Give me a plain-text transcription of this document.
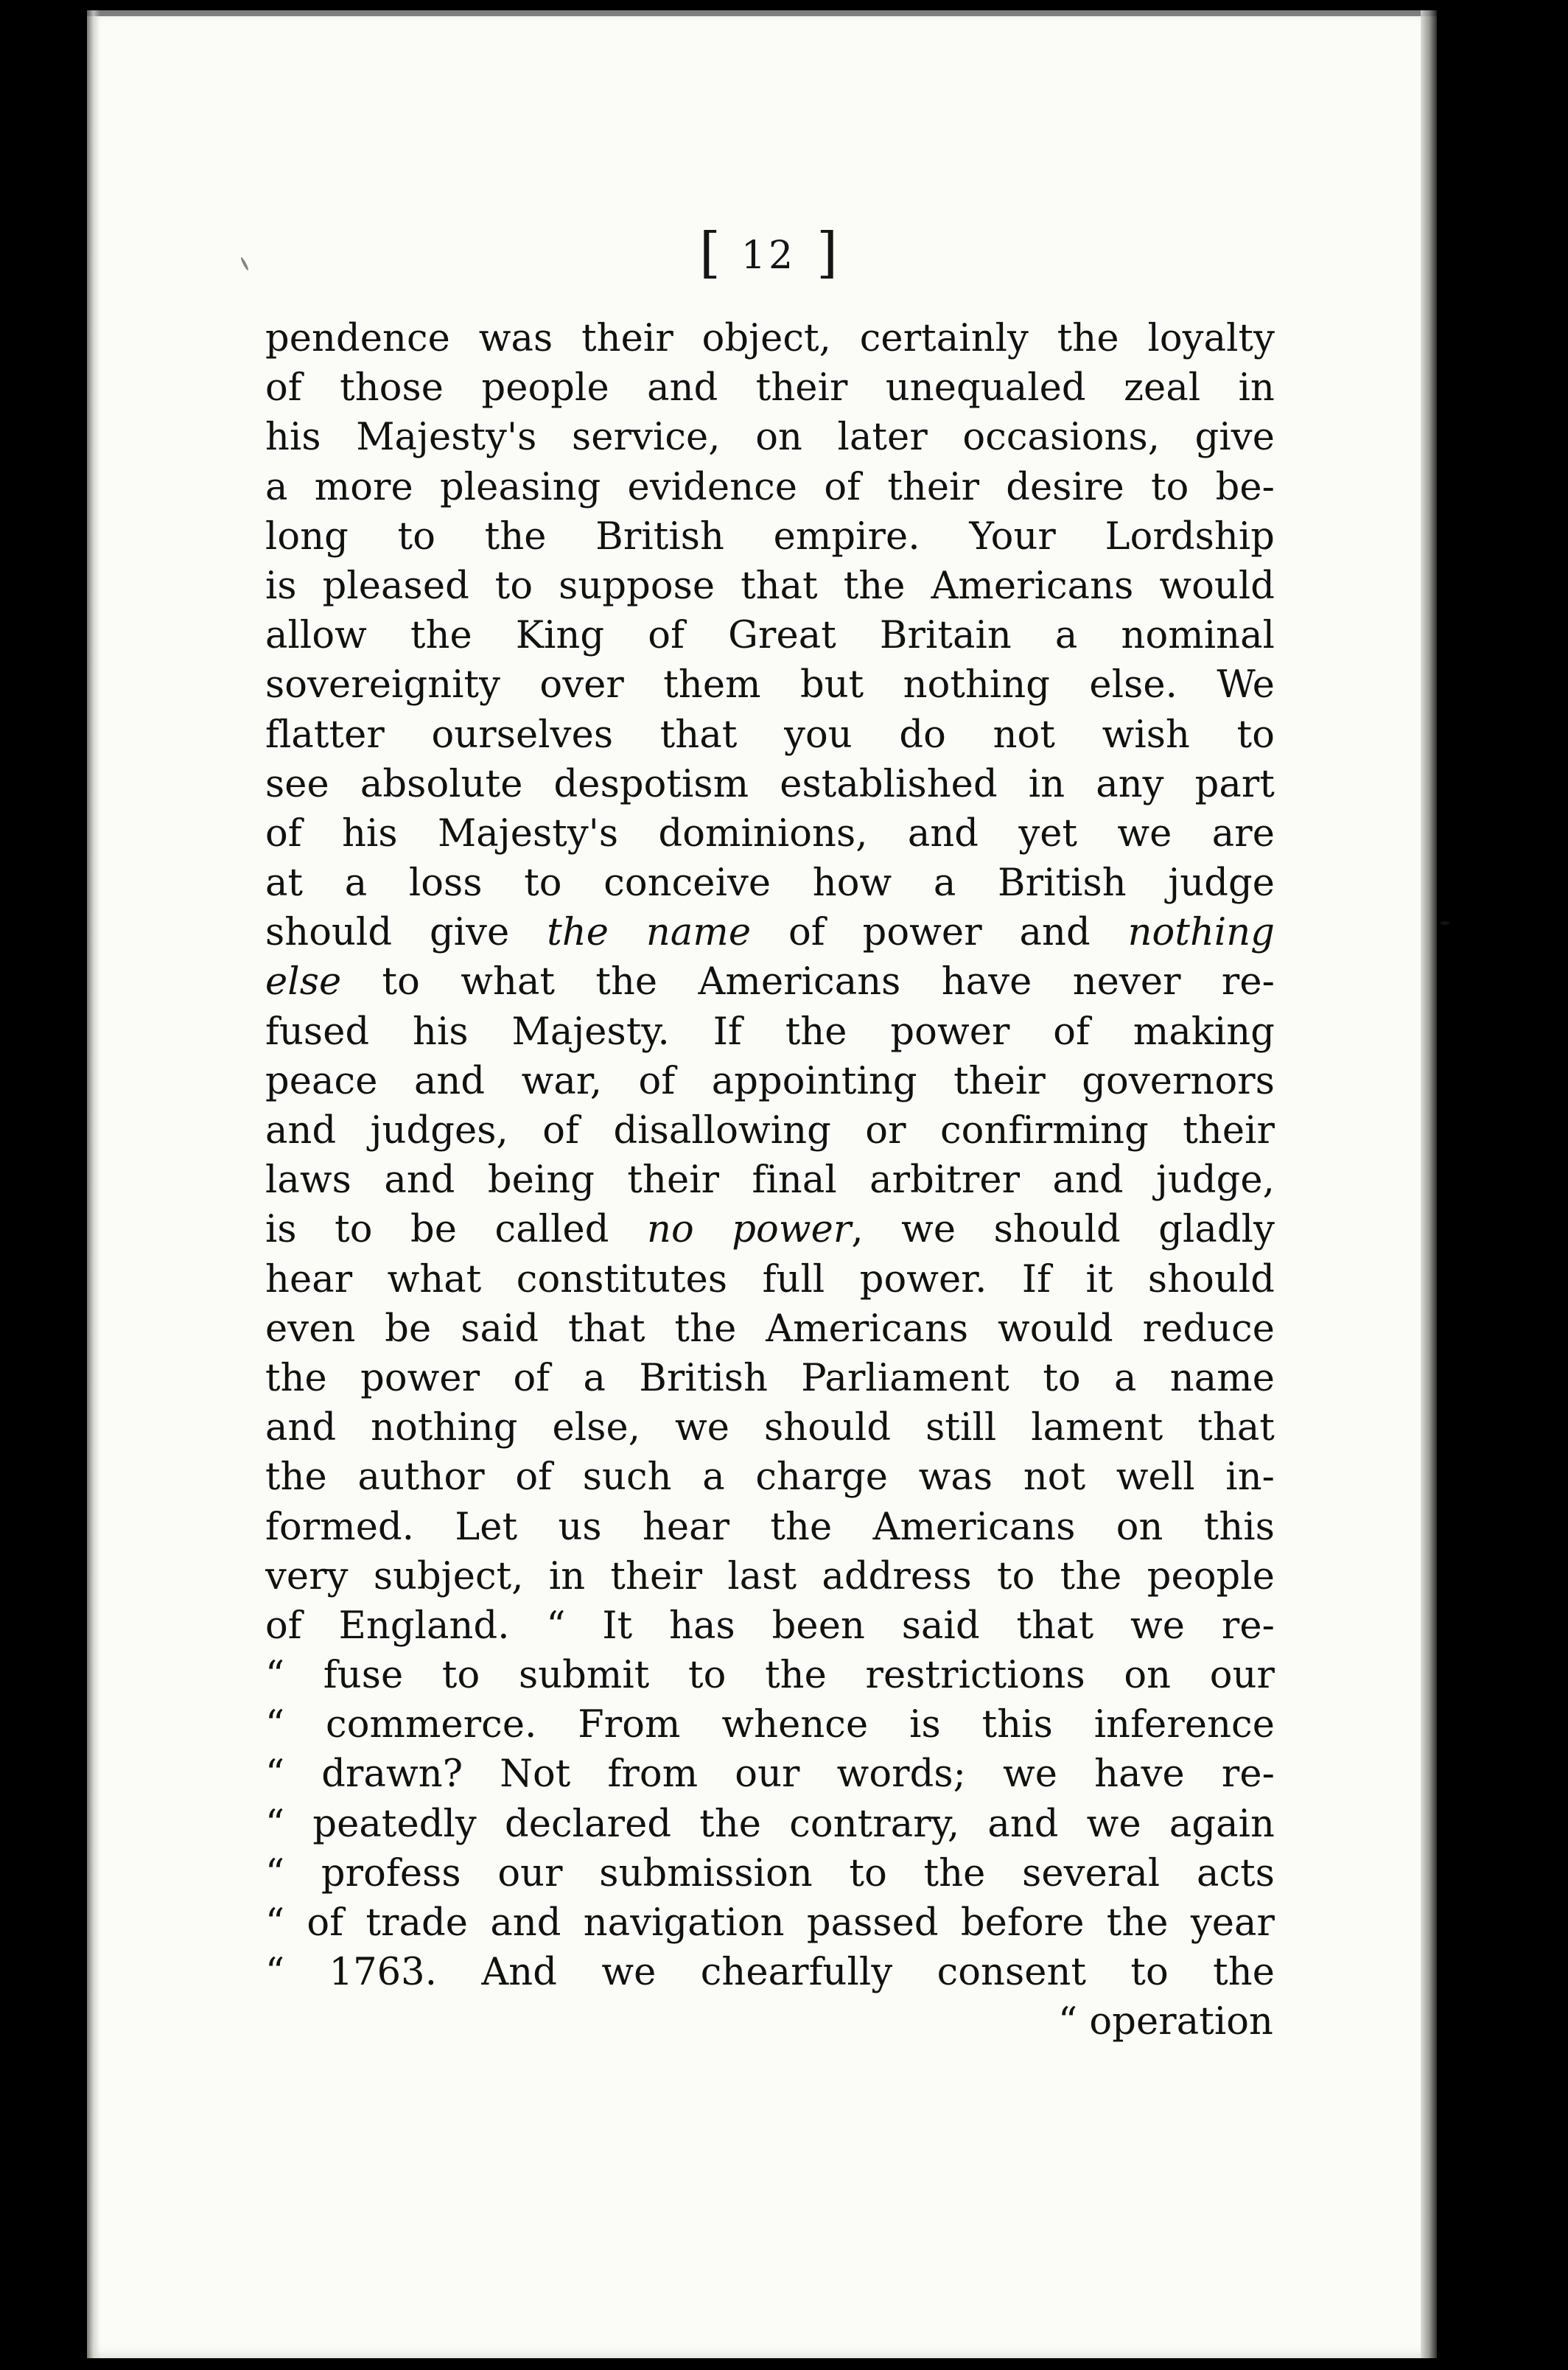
[ 12 ]
pendence was their object, certainly the loyalty
of those people and their unequaled zeal in
his Majesty's service, on later occasions, give
a more pleasing evidence of their desire to be-
long to the British empire. Your Lordship
is pleased to suppose that the Americans would
allow the King of Great Britain a nominal
sovereignity over them but nothing else. We
flatter ourselves that you do not wish to
see absolute despotism established in any part
of his Majesty's dominions, and yet we are
at a loss to conceive how a British judge
should give the name of power and nothing
else to what the Americans have never re-
fused his Majesty. If the power of making
peace and war, of appointing their governors
and judges, of disallowing or confirming their
laws and being their final arbitrer and judge,
is to be called no power, we should gladly
hear what constitutes full power. If it should
even be said that the Americans would reduce
the power of a British Parliament to a name
and nothing else, we should still lament that
the author of such a charge was not well in-
formed. Let us hear the Americans on this
very subject, in their last address to the people
of England. “ It has been said that we re-
“ fuse to submit to the restrictions on our
“ commerce. From whence is this inference
“ drawn? Not from our words; we have re-
“ peatedly declared the contrary, and we again
“ profess our submission to the several acts
“ of trade and navigation passed before the year
“ 1763. And we chearfully consent to the
“ operation
